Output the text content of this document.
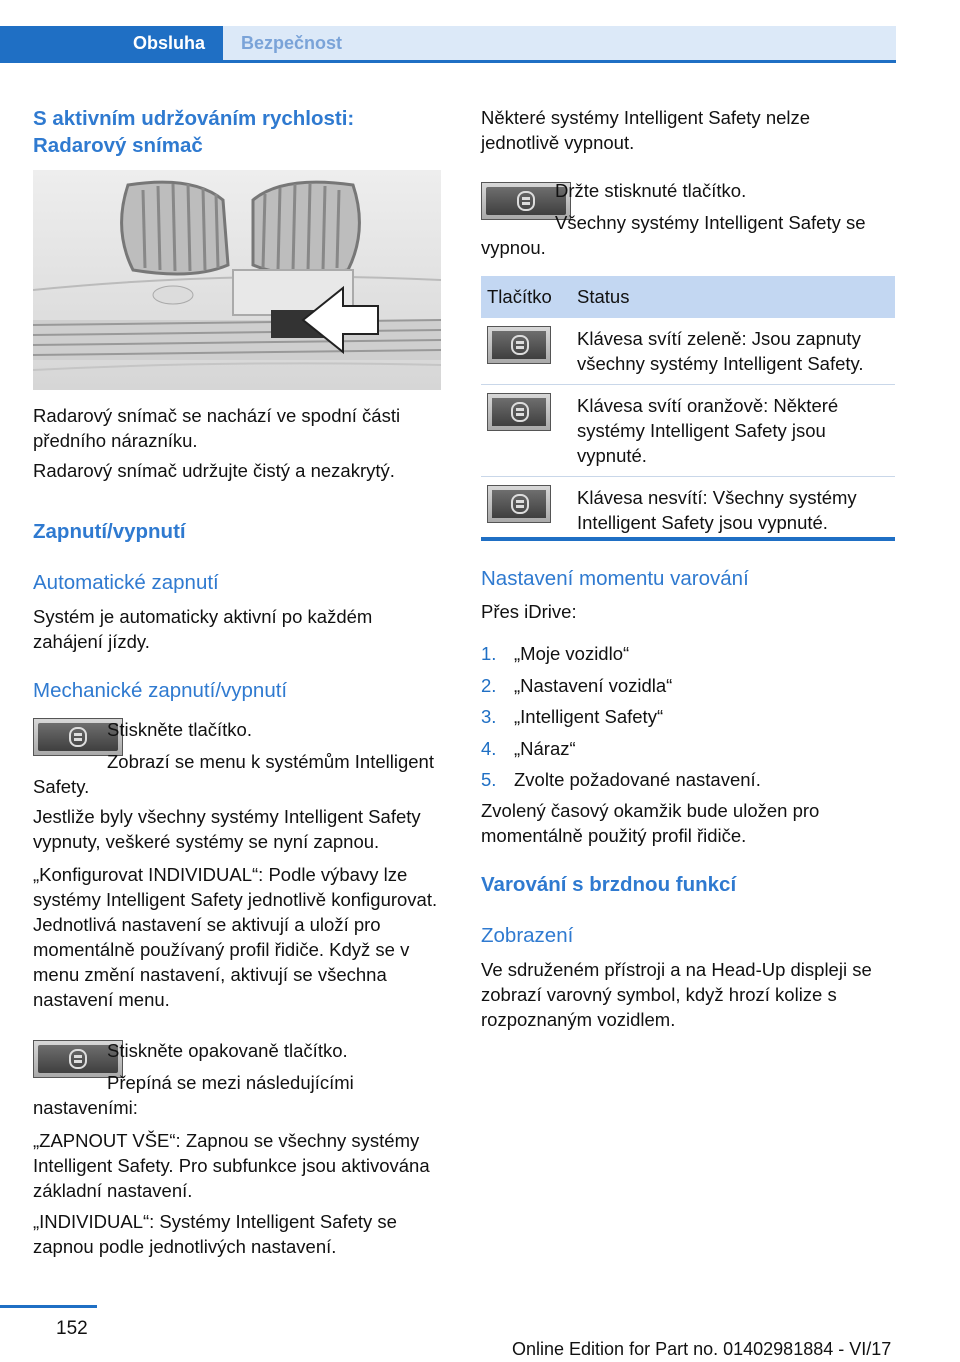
Obsluha	Bezpečnost
S aktivním udržováním rychlosti: Radarový snímač
Radarový snímač se nachází ve spodní části předního nárazníku.
Radarový snímač udržujte čistý a nezakrytý.
Zapnutí/vypnutí
Automatické zapnutí
Systém je automaticky aktivní po každém zahájení jízdy.
Mechanické zapnutí/vypnutí
Stiskněte tlačítko.
Zobrazí se menu k systémům Intelligent Safety.
Jestliže byly všechny systémy Intelligent Safety vypnuty, veškeré systémy se nyní zapnou.
„Konfigurovat INDIVIDUAL“: Podle výbavy lze systémy Intelligent Safety jednotlivě konfigurovat. Jednotlivá nastavení se aktivují a uloží pro momentálně používaný profil řidiče. Když se v menu změní nastavení, aktivují se všechna nastavení menu.
Stiskněte opakovaně tlačítko.
Přepíná se mezi následujícími nastaveními:
„ZAPNOUT VŠE“: Zapnou se všechny systémy Intelligent Safety. Pro subfunkce jsou aktivována základní nastavení.
„INDIVIDUAL“: Systémy Intelligent Safety se zapnou podle jednotlivých nastavení.
Některé systémy Intelligent Safety nelze jednotlivě vypnout.
Držte stisknuté tlačítko.
Všechny systémy Intelligent Safety se vypnou.
Tlačítko	Status

	Klávesa svítí zeleně: Jsou zapnuty všechny systémy Intelligent Safety.

	Klávesa svítí oranžově: Některé systémy Intelligent Safety jsou vypnuté.

	Klávesa nesvítí: Všechny systémy Intelligent Safety jsou vypnuté.
Nastavení momentu varování
Přes iDrive:
1. „Moje vozidlo“
2. „Nastavení vozidla“
3. „Intelligent Safety“
4. „Náraz“
5. Zvolte požadované nastavení.
Zvolený časový okamžik bude uložen pro momentálně použitý profil řidiče.
Varování s brzdnou funkcí
Zobrazení
Ve sdruženém přístroji a na Head-Up displeji se zobrazí varovný symbol, když hrozí kolize s rozpoznaným vozidlem.
152
Online Edition for Part no. 01402981884 - VI/17
